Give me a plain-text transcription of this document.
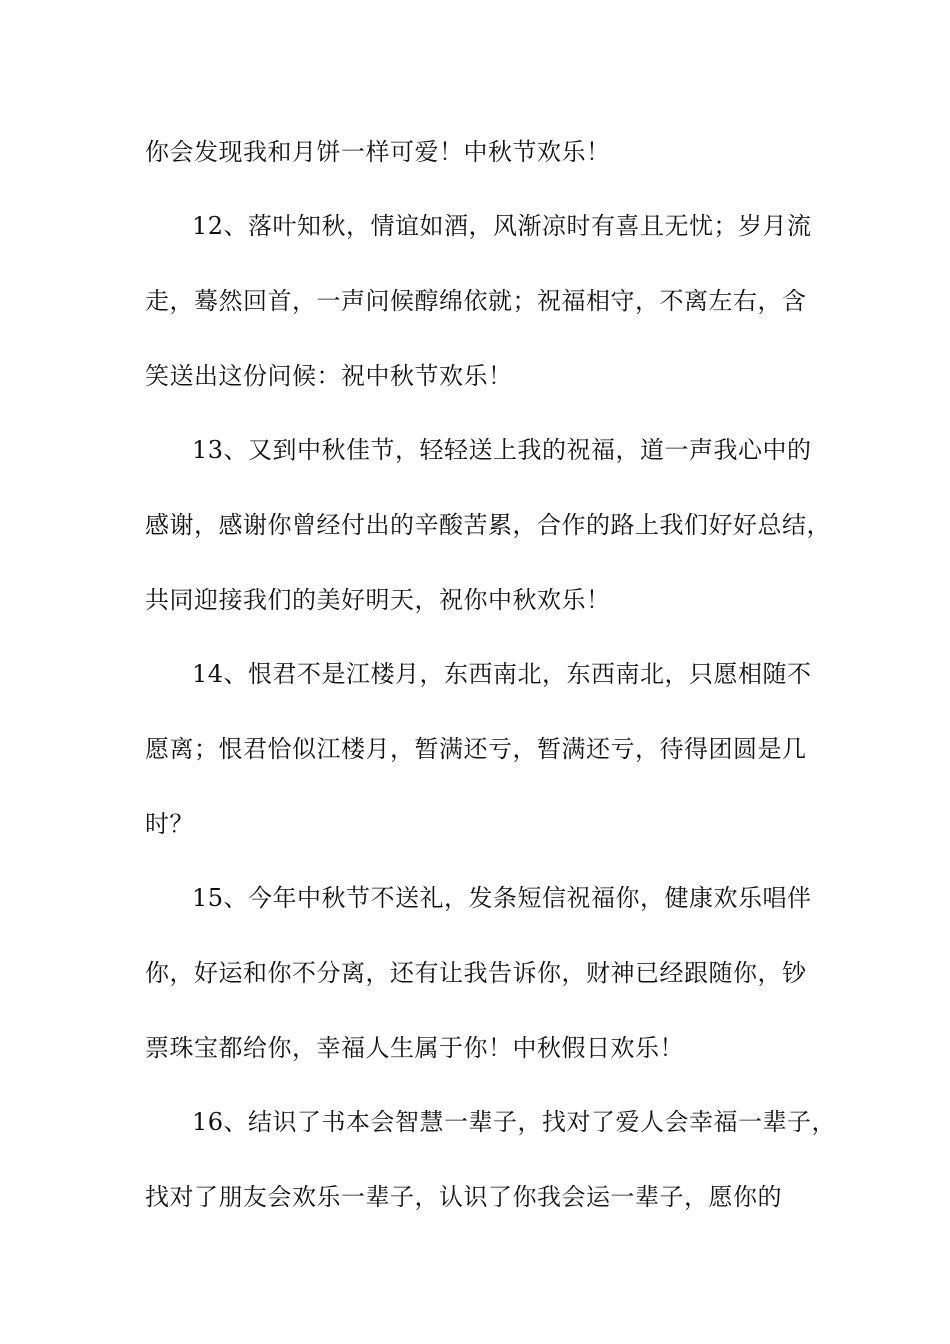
你会发现我和月饼一样可爱！中秋节欢乐！

12、落叶知秋，情谊如酒，风渐凉时有喜且无忧；岁月流

走，蓦然回首，一声问候醇绵依就；祝福相守，不离左右，含

笑送出这份问候：祝中秋节欢乐！

13、又到中秋佳节，轻轻送上我的祝福，道一声我心中的

感谢，感谢你曾经付出的辛酸苦累，合作的路上我们好好总结，

共同迎接我们的美好明天，祝你中秋欢乐！

14、恨君不是江楼月，东西南北，东西南北，只愿相随不

愿离；恨君恰似江楼月，暂满还亏，暂满还亏，待得团圆是几

时？

15、今年中秋节不送礼，发条短信祝福你，健康欢乐唱伴

你，好运和你不分离，还有让我告诉你，财神已经跟随你，钞

票珠宝都给你，幸福人生属于你！中秋假日欢乐！

16、结识了书本会智慧一辈子，找对了爱人会幸福一辈子，

找对了朋友会欢乐一辈子，认识了你我会运一辈子，愿你的
